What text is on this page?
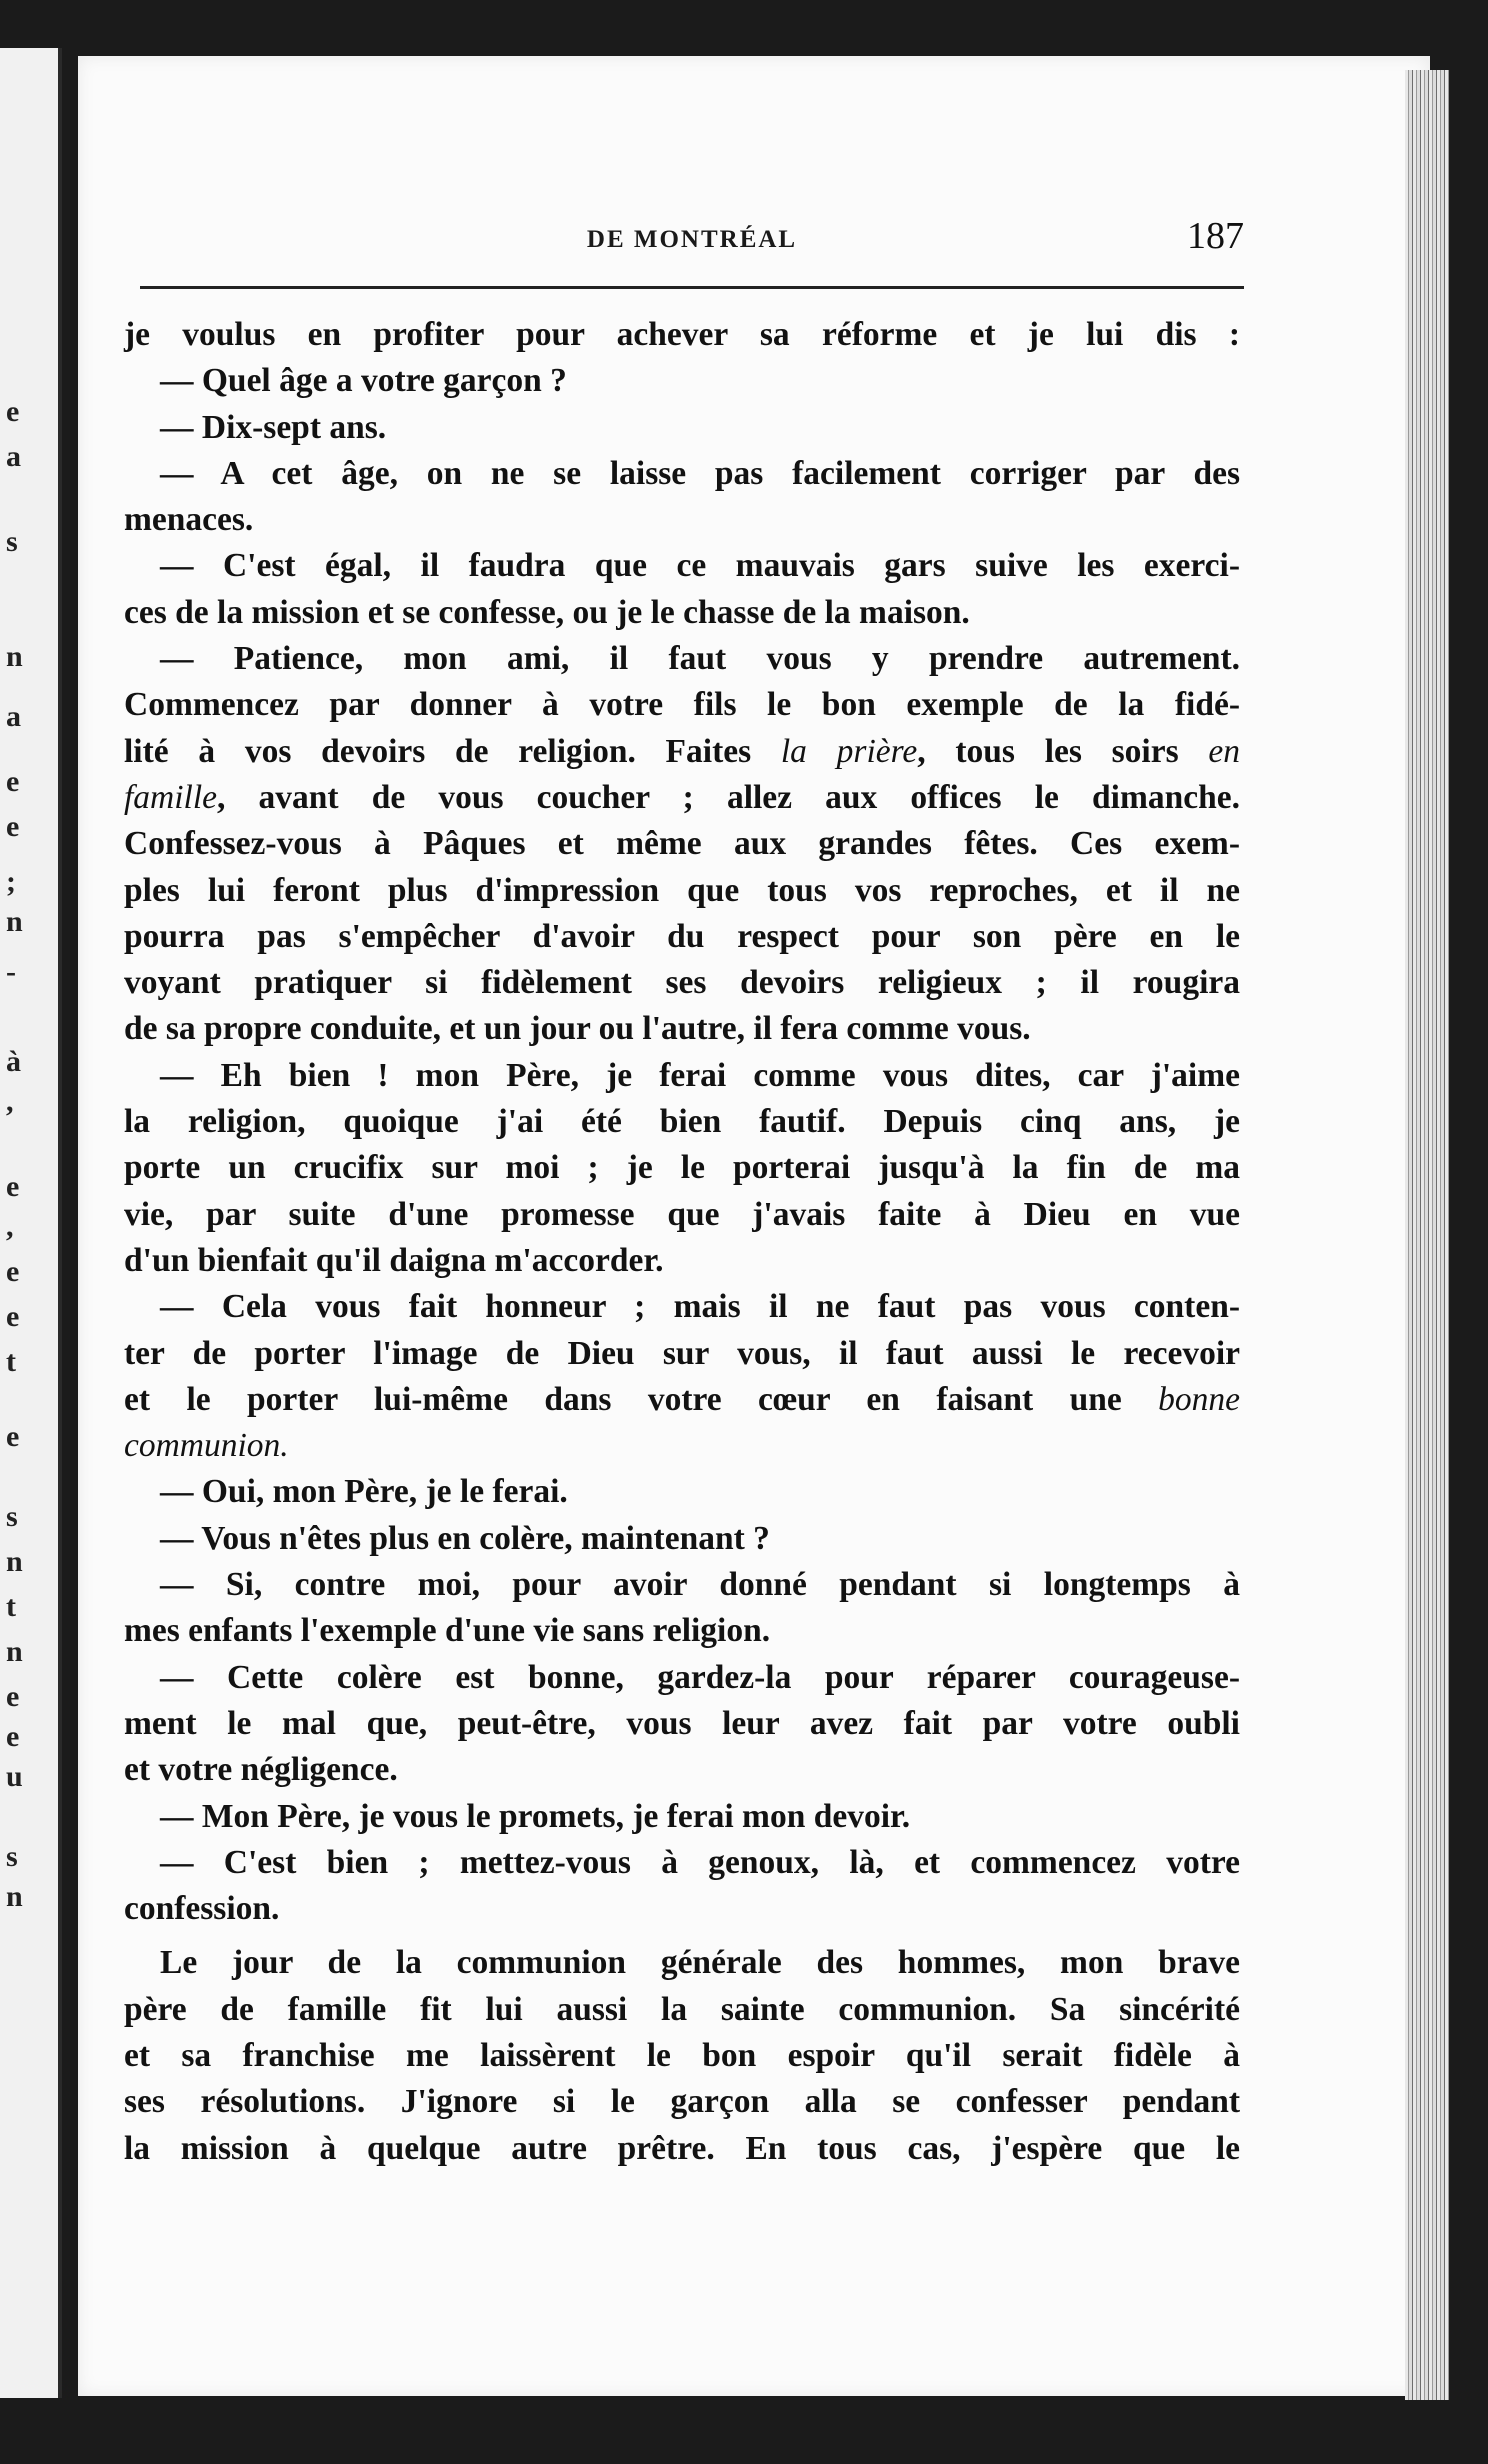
e
a
s
n
a
e
e
;
n
-
à
,
e
,
e
e
t
e
s
n
t
n
e
e
u
s
n
DE MONTRÉAL	187
je voulus en profiter pour achever sa réforme et je lui dis :
— Quel âge a votre garçon ?
— Dix-sept ans.
— A cet âge, on ne se laisse pas facilement corriger par des
menaces.
— C'est égal, il faudra que ce mauvais gars suive les exerci-
ces de la mission et se confesse, ou je le chasse de la maison.
— Patience, mon ami, il faut vous y prendre autrement.
Commencez par donner à votre fils le bon exemple de la fidé-
lité à vos devoirs de religion. Faites la prière, tous les soirs en
famille, avant de vous coucher ; allez aux offices le dimanche.
Confessez-vous à Pâques et même aux grandes fêtes. Ces exem-
ples lui feront plus d'impression que tous vos reproches, et il ne
pourra pas s'empêcher d'avoir du respect pour son père en le
voyant pratiquer si fidèlement ses devoirs religieux ; il rougira
de sa propre conduite, et un jour ou l'autre, il fera comme vous.
— Eh bien ! mon Père, je ferai comme vous dites, car j'aime
la religion, quoique j'ai été bien fautif. Depuis cinq ans, je
porte un crucifix sur moi ; je le porterai jusqu'à la fin de ma
vie, par suite d'une promesse que j'avais faite à Dieu en vue
d'un bienfait qu'il daigna m'accorder.
— Cela vous fait honneur ; mais il ne faut pas vous conten-
ter de porter l'image de Dieu sur vous, il faut aussi le recevoir
et le porter lui-même dans votre cœur en faisant une bonne
communion.
— Oui, mon Père, je le ferai.
— Vous n'êtes plus en colère, maintenant ?
— Si, contre moi, pour avoir donné pendant si longtemps à
mes enfants l'exemple d'une vie sans religion.
— Cette colère est bonne, gardez-la pour réparer courageuse-
ment le mal que, peut-être, vous leur avez fait par votre oubli
et votre négligence.
— Mon Père, je vous le promets, je ferai mon devoir.
— C'est bien ; mettez-vous à genoux, là, et commencez votre
confession.
Le jour de la communion générale des hommes, mon brave
père de famille fit lui aussi la sainte communion. Sa sincérité
et sa franchise me laissèrent le bon espoir qu'il serait fidèle à
ses résolutions. J'ignore si le garçon alla se confesser pendant
la mission à quelque autre prêtre. En tous cas, j'espère que le
